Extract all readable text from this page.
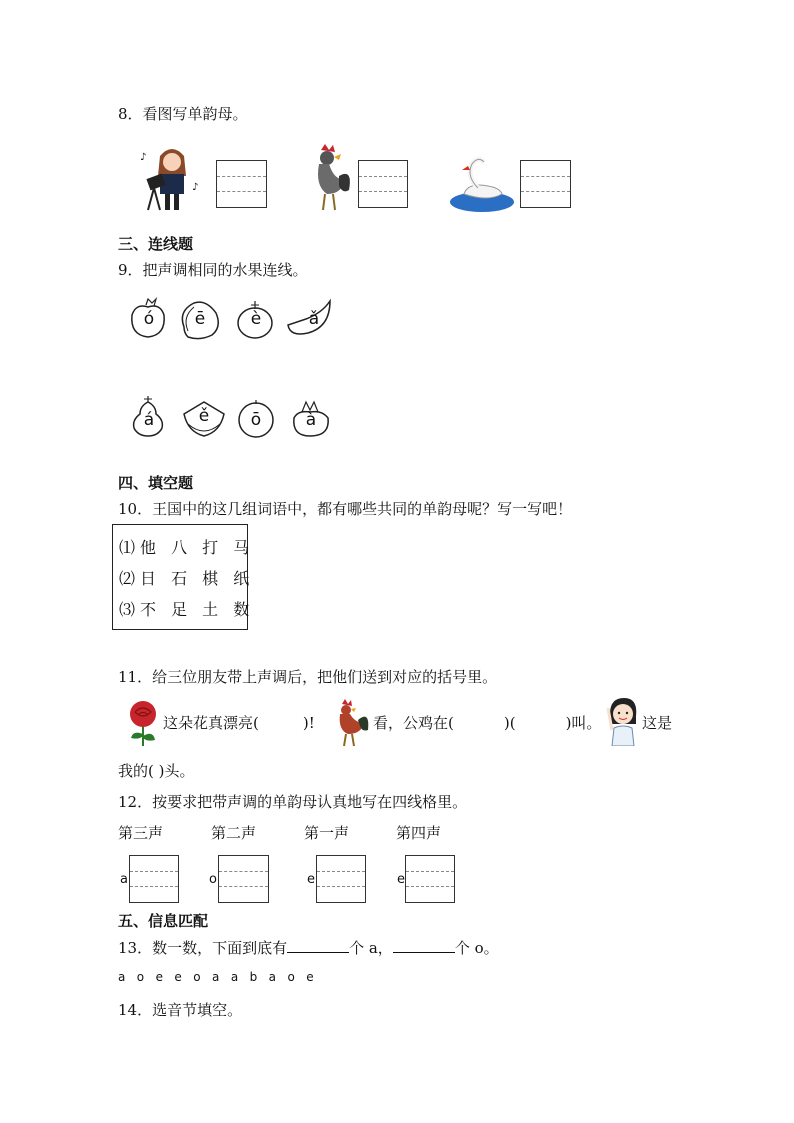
8．看图写单韵母。
♪
♪
三、连线题
9．把声调相同的水果连线。
ó	ē	è	ǎ
á	ě	ō	à
四、填空题
10．王国中的这几组词语中，都有哪些共同的单韵母呢？写一写吧！
⑴他 八 打 马
⑵日 石 棋 纸
⑶不 足 土 数
11．给三位朋友带上声调后，把他们送到对应的括号里。
这朵花真漂亮(	)!	看，公鸡在(	)(	)叫。	这是
我的( )头。
12．按要求把带声调的单韵母认真地写在四线格里。
第三声	第二声	第一声	第四声
a	o	e	e
五、信息匹配
13．数一数，下面到底有	个 a，	个 o。
a   o   e   e   o   a   a   b   a   o   e
14．选音节填空。
